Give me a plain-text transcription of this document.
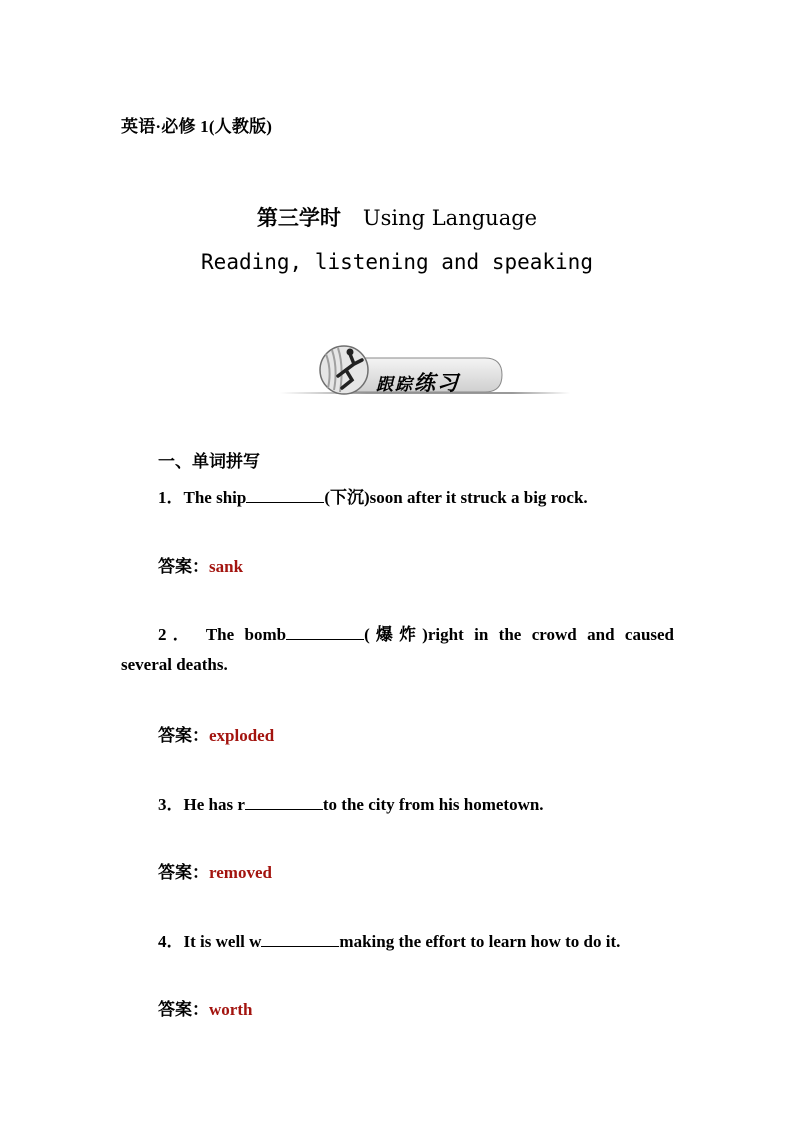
英语·必修 1(人教版)
第三学时 Using Language
Reading, listening and speaking
跟踪练习
一、单词拼写
1．The ship	(下沉)soon after it struck a big rock.
答案：sank
2． The bomb	(爆炸)right in the crowd and caused
several deaths.
答案：exploded
3．He has r	to the city from his hometown.
答案：removed
4．It is well w	making the effort to learn how to do it.
答案：worth
